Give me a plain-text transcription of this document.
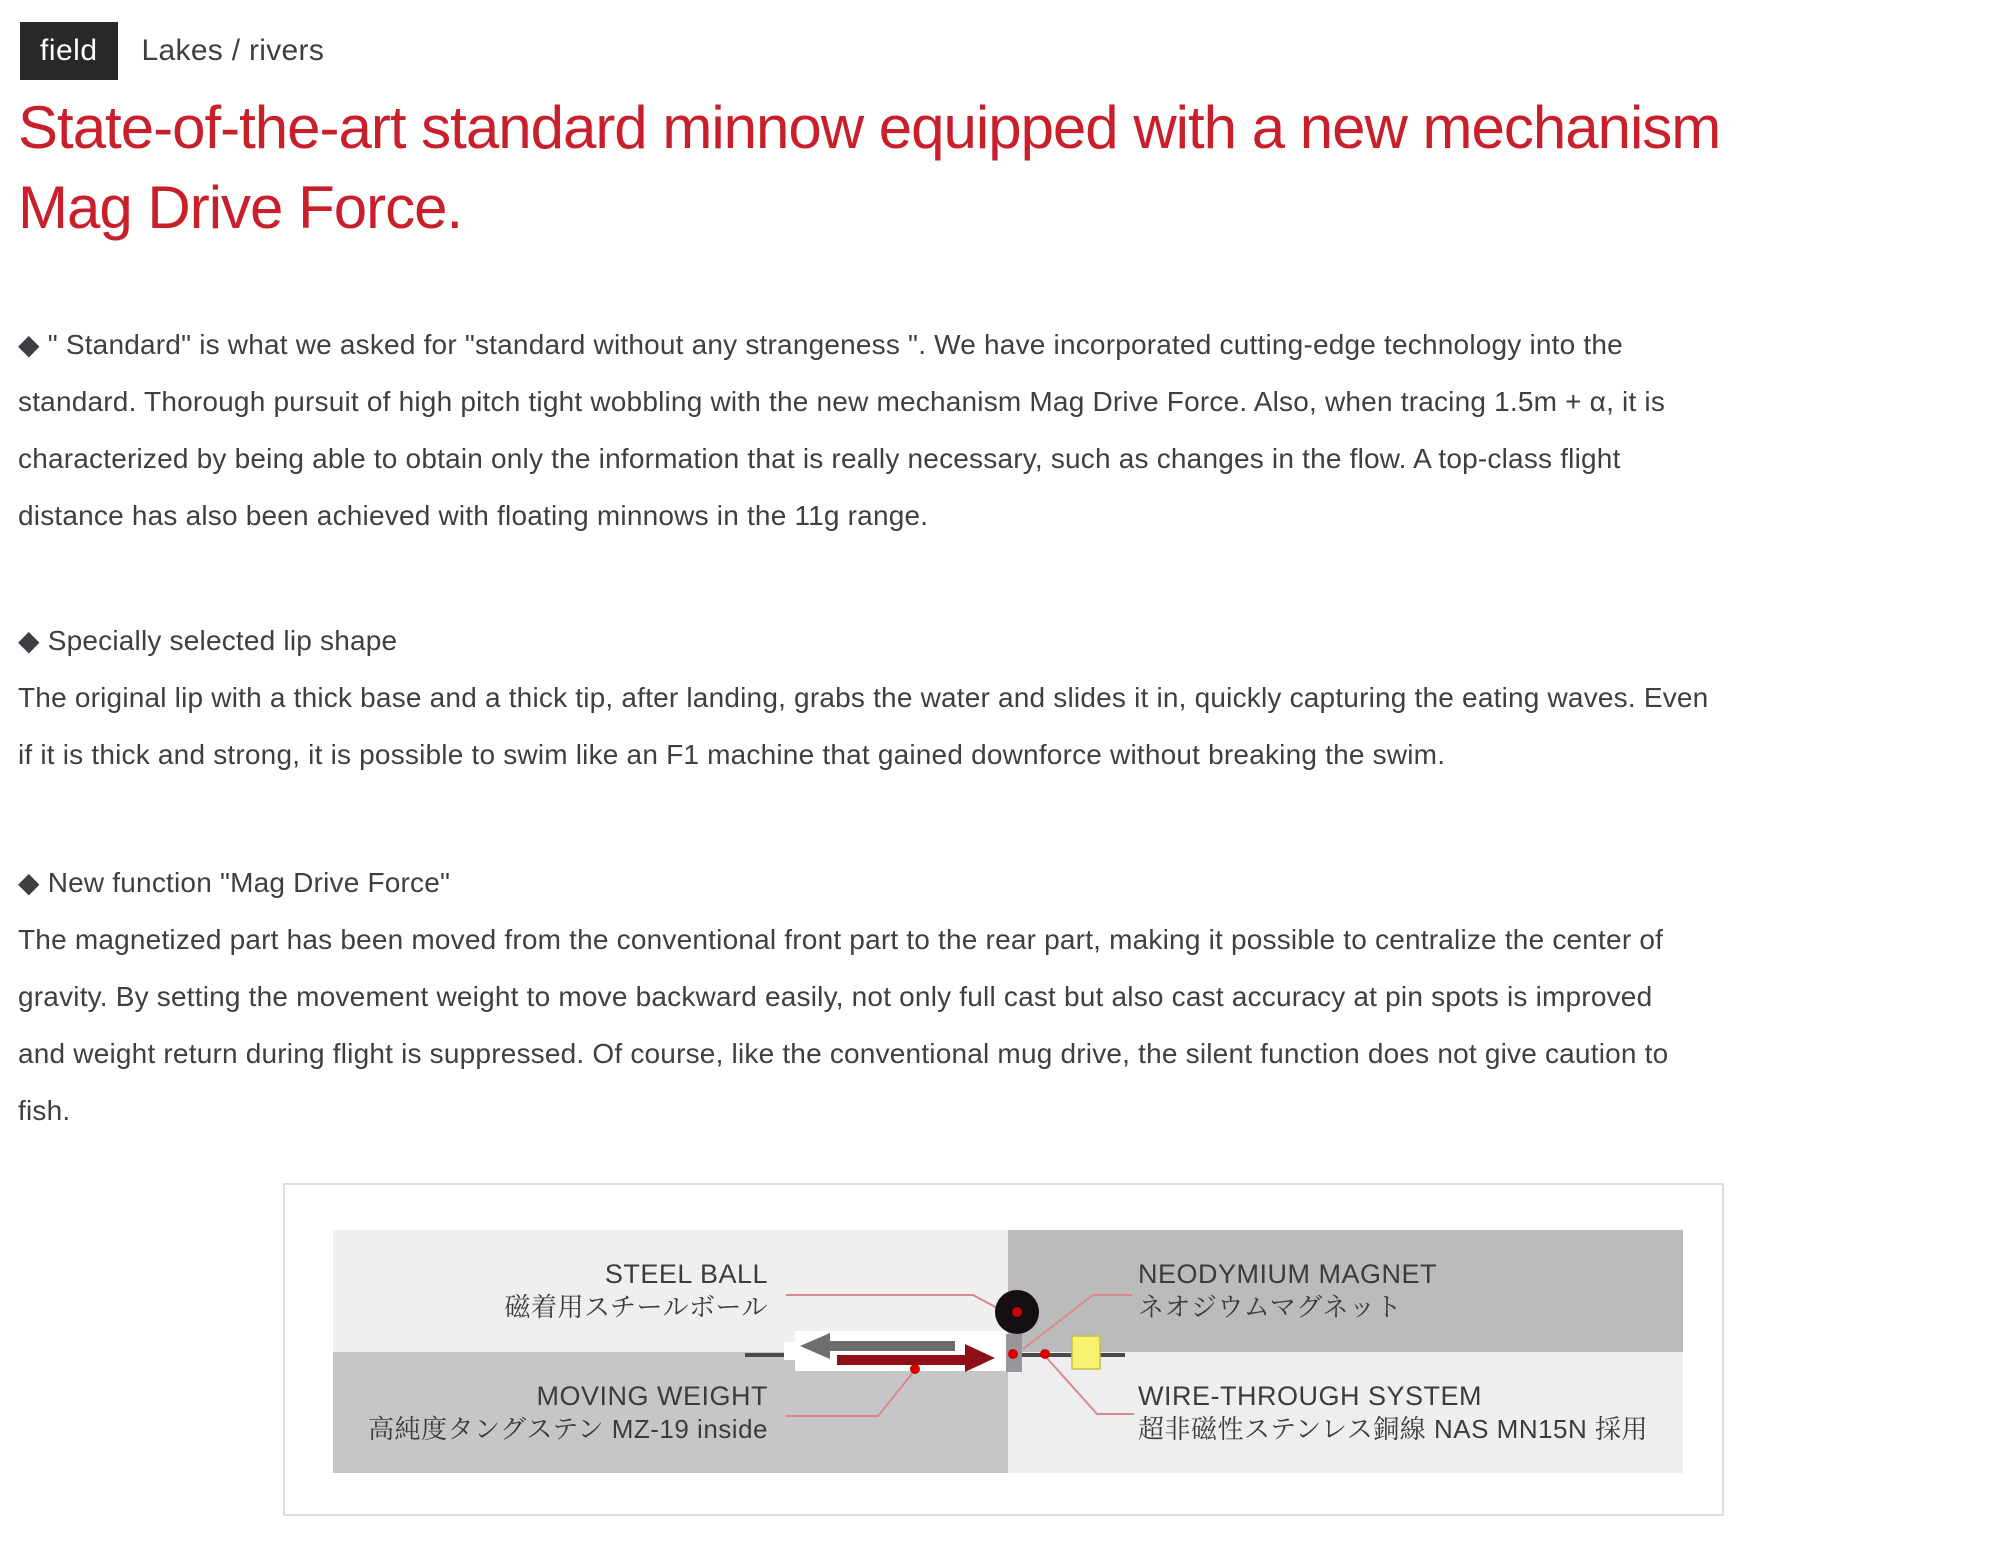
field	Lakes / rivers
State-of-the-art standard minnow equipped with a new mechanism
Mag Drive Force.

◆ " Standard" is what we asked for "standard without any strangeness ". We have incorporated cutting-edge technology into the
standard. Thorough pursuit of high pitch tight wobbling with the new mechanism Mag Drive Force. Also, when tracing 1.5m + α, it is
characterized by being able to obtain only the information that is really necessary, such as changes in the flow. A top-class flight
distance has also been achieved with floating minnows in the 11g range.

◆ Specially selected lip shape
The original lip with a thick base and a thick tip, after landing, grabs the water and slides it in, quickly capturing the eating waves. Even
if it is thick and strong, it is possible to swim like an F1 machine that gained downforce without breaking the swim.

◆ New function "Mag Drive Force"
The magnetized part has been moved from the conventional front part to the rear part, making it possible to centralize the center of
gravity. By setting the movement weight to move backward easily, not only full cast but also cast accuracy at pin spots is improved
and weight return during flight is suppressed. Of course, like the conventional mug drive, the silent function does not give caution to
fish.

STEEL BALL
磁着用スチールボール
NEODYMIUM MAGNET
ネオジウムマグネット
MOVING WEIGHT
高純度タングステン MZ-19 inside
WIRE-THROUGH SYSTEM
超非磁性ステンレス銅線 NAS MN15N 採用
